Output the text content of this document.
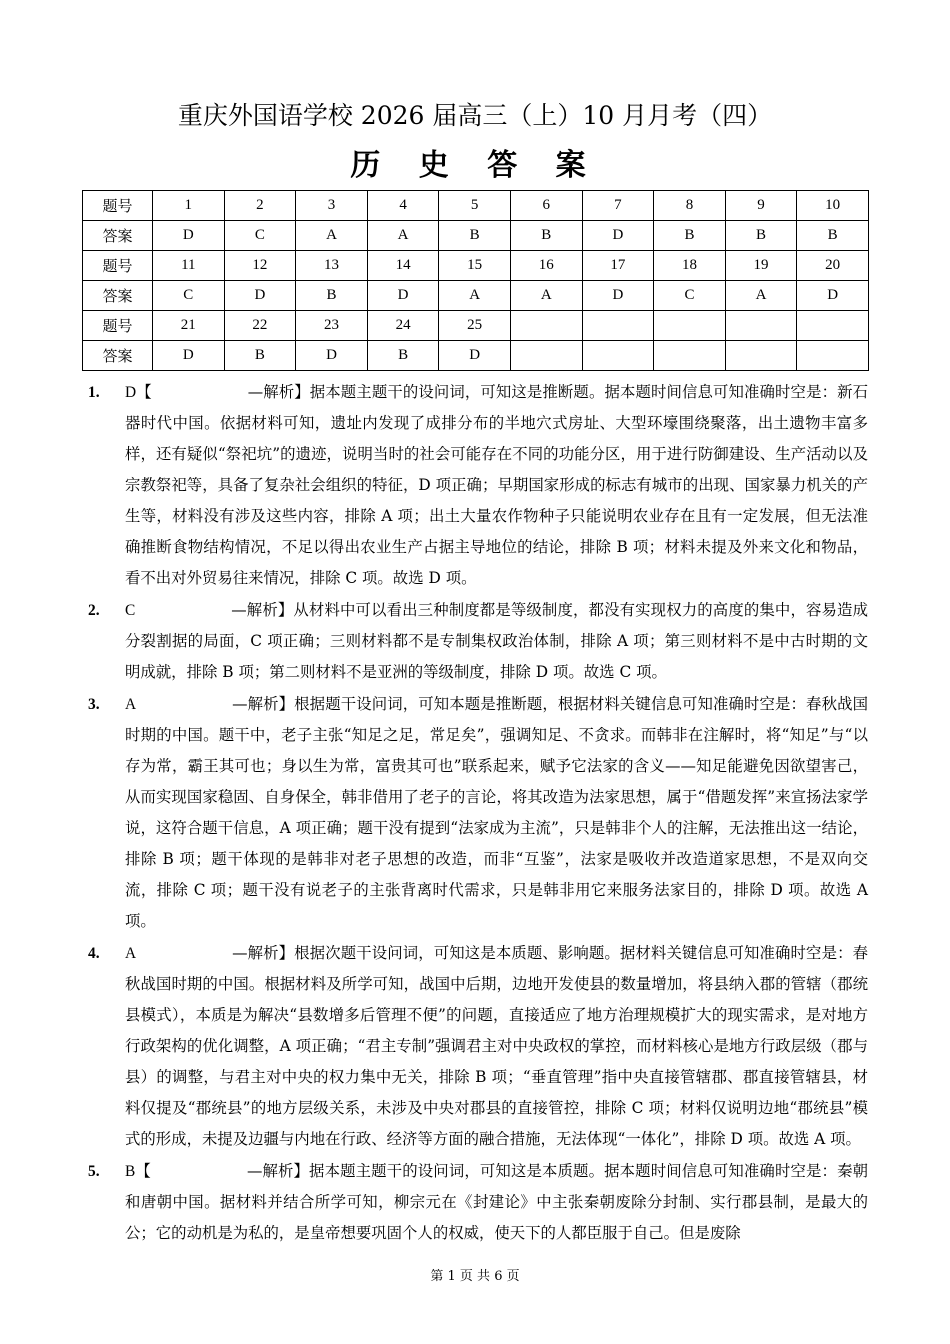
重庆外国语学校 2026 届高三（上）10 月月考（四）
历 史 答 案
题号	1	2	3	4	5	6	7	8	9	10
答案	D	C	A	A	B	B	D	B	B	B
题号	11	12	13	14	15	16	17	18	19	20
答案	C	D	B	D	A	A	D	C	A	D
题号	21	22	23	24	25					
答案	D	B	D	B	D					
1. D【	—解析】据本题主题干的设问词，可知这是推断题。据本题时间信息可知准确时空是：新石器时代中国。依据材料可知，遗址内发现了成排分布的半地穴式房址、大型环壕围绕聚落，出土遗物丰富多样，还有疑似“祭祀坑”的遗迹，说明当时的社会可能存在不同的功能分区，用于进行防御建设、生产活动以及宗教祭祀等，具备了复杂社会组织的特征，D 项正确；早期国家形成的标志有城市的出现、国家暴力机关的产生等，材料没有涉及这些内容，排除 A 项；出土大量农作物种子只能说明农业存在且有一定发展，但无法准确推断食物结构情况，不足以得出农业生产占据主导地位的结论，排除 B 项；材料未提及外来文化和物品，看不出对外贸易往来情况，排除 C 项。故选 D 项。
2. C	—解析】从材料中可以看出三种制度都是等级制度，都没有实现权力的高度的集中，容易造成分裂割据的局面，C 项正确；三则材料都不是专制集权政治体制，排除 A 项；第三则材料不是中古时期的文明成就，排除 B 项；第二则材料不是亚洲的等级制度，排除 D 项。故选 C 项。
3. A	—解析】根据题干设问词，可知本题是推断题，根据材料关键信息可知准确时空是：春秋战国时期的中国。题干中，老子主张“知足之足，常足矣”，强调知足、不贪求。而韩非在注解时，将“知足”与“以存为常，霸王其可也；身以生为常，富贵其可也”联系起来，赋予它法家的含义——知足能避免因欲望害己，从而实现国家稳固、自身保全，韩非借用了老子的言论，将其改造为法家思想，属于“借题发挥”来宣扬法家学说，这符合题干信息，A 项正确；题干没有提到“法家成为主流”，只是韩非个人的注解，无法推出这一结论，排除 B 项；题干体现的是韩非对老子思想的改造，而非“互鉴”，法家是吸收并改造道家思想，不是双向交流，排除 C 项；题干没有说老子的主张背离时代需求，只是韩非用它来服务法家目的，排除 D 项。故选 A 项。
4. A	—解析】根据次题干设问词，可知这是本质题、影响题。据材料关键信息可知准确时空是：春秋战国时期的中国。根据材料及所学可知，战国中后期，边地开发使县的数量增加，将县纳入郡的管辖（郡统县模式），本质是为解决“县数增多后管理不便”的问题，直接适应了地方治理规模扩大的现实需求，是对地方行政架构的优化调整，A 项正确；“君主专制”强调君主对中央政权的掌控，而材料核心是地方行政层级（郡与县）的调整，与君主对中央的权力集中无关，排除 B 项；“垂直管理”指中央直接管辖郡、郡直接管辖县，材料仅提及“郡统县”的地方层级关系，未涉及中央对郡县的直接管控，排除 C 项；材料仅说明边地“郡统县”模式的形成，未提及边疆与内地在行政、经济等方面的融合措施，无法体现“一体化”，排除 D 项。故选 A 项。
5. B【	—解析】据本题主题干的设问词，可知这是本质题。据本题时间信息可知准确时空是：秦朝和唐朝中国。据材料并结合所学可知，柳宗元在《封建论》中主张秦朝废除分封制、实行郡县制，是最大的公；它的动机是为私的，是皇帝想要巩固个人的权威，使天下的人都臣服于自己。但是废除
第 1 页 共 6 页
